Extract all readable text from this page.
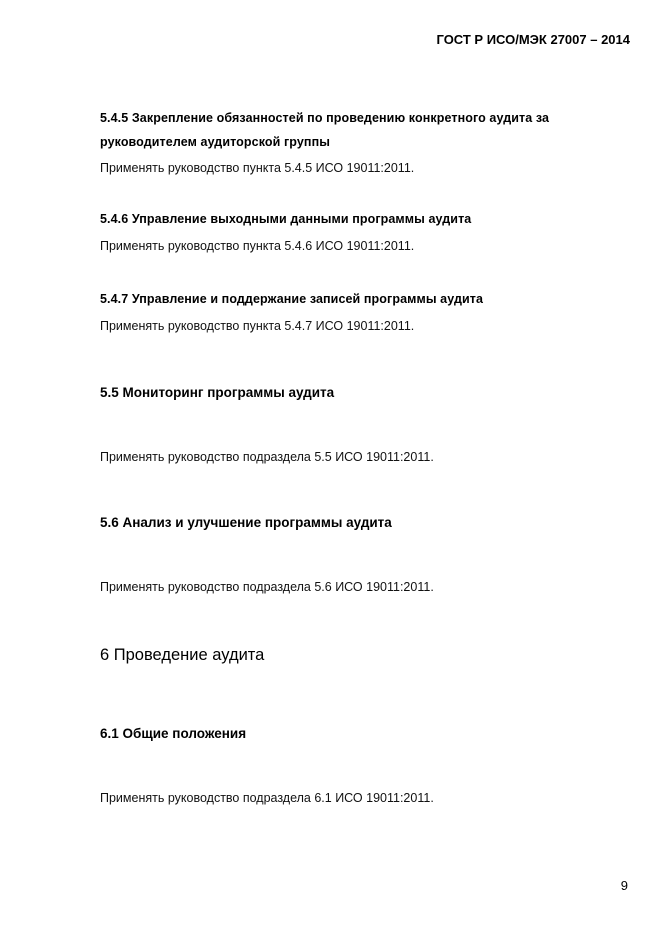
ГОСТ Р ИСО/МЭК 27007 – 2014
5.4.5 Закрепление обязанностей по проведению конкретного аудита за
руководителем аудиторской группы
Применять руководство пункта 5.4.5 ИСО 19011:2011.
5.4.6 Управление выходными данными программы аудита
Применять руководство пункта 5.4.6 ИСО 19011:2011.
5.4.7 Управление и поддержание записей программы аудита
Применять руководство пункта 5.4.7 ИСО 19011:2011.
5.5 Мониторинг программы аудита
Применять руководство подраздела 5.5 ИСО 19011:2011.
5.6 Анализ и улучшение программы аудита
Применять руководство подраздела 5.6 ИСО 19011:2011.
6 Проведение аудита
6.1 Общие положения
Применять руководство подраздела 6.1 ИСО 19011:2011.
9
